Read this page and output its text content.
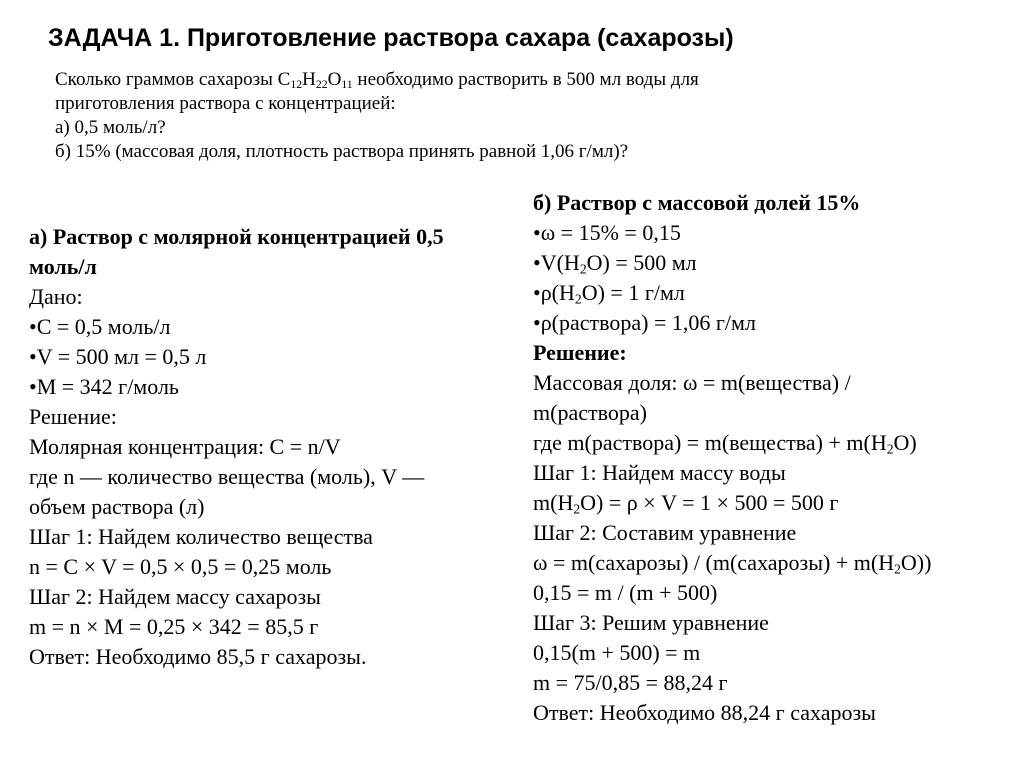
ЗАДАЧА 1. Приготовление раствора сахара (сахарозы)
Сколько граммов сахарозы $C_{12}H_{22}O_{11}$ необходимо растворить в 500 мл воды для
приготовления раствора с концентрацией:
а) 0,5 моль/л?
б) 15% (массовая доля, плотность раствора принять равной 1,06 г/мл)?
а) Раствор с молярной концентрацией 0,5
моль/л
Дано:
• C = 0,5 моль/л
• V = 500 мл = 0,5 л
• M = 342 г/моль
Решение:
Молярная концентрация: C = n/V
где n — количество вещества (моль), V —
объем раствора (л)
Шаг 1: Найдем количество вещества
n = C × V = 0,5 × 0,5 = 0,25 моль
Шаг 2: Найдем массу сахарозы
m = n × M = 0,25 × 342 = 85,5 г
Ответ: Необходимо 85,5 г сахарозы.
б) Раствор с массовой долей 15%
• ω = 15% = 0,15
• $V(H_2O) = 500$ мл
• $\rho(H_2O) = 1$ г/мл
• ρ(раствора) = 1,06 г/мл
Решение:
Массовая доля: ω = m(вещества) /
m(раствора)
где m(раствора) = m(вещества) + $m(H_2O)$
Шаг 1: Найдем массу воды
$m(H_2O) = \rho \times V = 1 \times 500 = 500$ г
Шаг 2: Составим уравнение
ω = m(сахарозы) / (m(сахарозы) + $m(H_2O)$)
0,15 = m / (m + 500)
Шаг 3: Решим уравнение
0,15(m + 500) = m
m = 75/0,85 = 88,24 г
Ответ: Необходимо 88,24 г сахарозы
